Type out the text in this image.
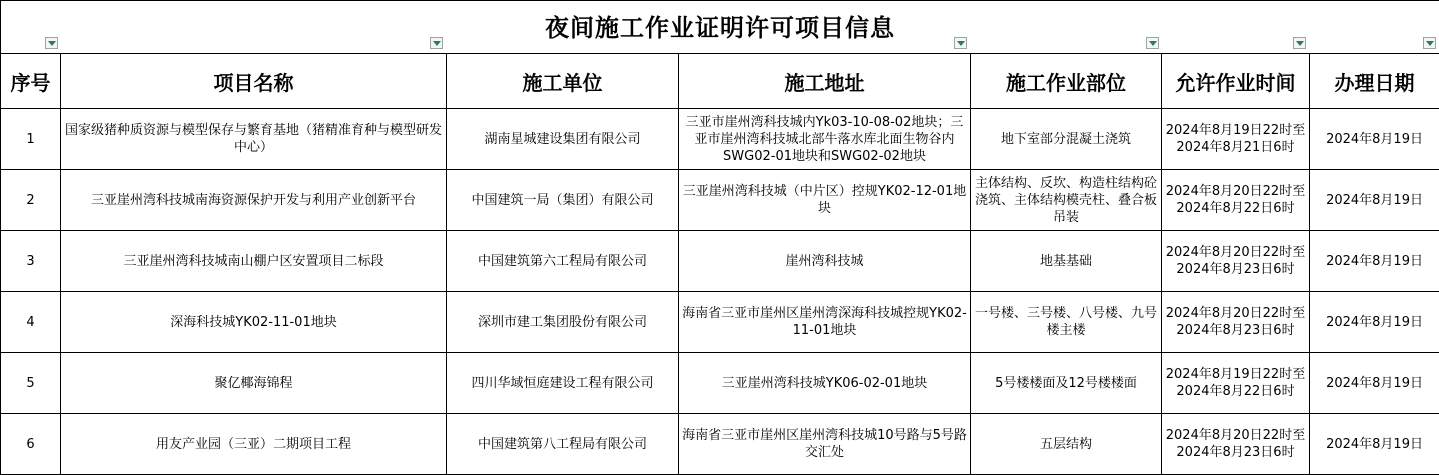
夜间施工作业证明许可项目信息						
序号	项目名称	施工单位	施工地址	施工作业部位	允许作业时间	办理日期
1	国家级猪种质资源与模型保存与繁育基地（猪精准育种与模型研发中心）	湖南星城建设集团有限公司	三亚市崖州湾科技城内Yk03-10-08-02地块；三亚市崖州湾科技城北部牛落水库北面生物谷内SWG02-01地块和SWG02-02地块	地下室部分混凝土浇筑	2024年8月19日22时至2024年8月21日6时	2024年8月19日
2	三亚崖州湾科技城南海资源保护开发与利用产业创新平台	中国建筑一局（集团）有限公司	三亚崖州湾科技城（中片区）控规YK02-12-01地块	主体结构、反坎、构造柱结构砼浇筑、主体结构模壳柱、叠合板吊装	2024年8月20日22时至2024年8月22日6时	2024年8月19日
3	三亚崖州湾科技城南山棚户区安置项目二标段	中国建筑第六工程局有限公司	崖州湾科技城	地基基础	2024年8月20日22时至2024年8月23日6时	2024年8月19日
4	深海科技城YK02-11-01地块	深圳市建工集团股份有限公司	海南省三亚市崖州区崖州湾深海科技城控规YK02-11-01地块	一号楼、三号楼、八号楼、九号楼主楼	2024年8月20日22时至2024年8月23日6时	2024年8月19日
5	聚亿椰海锦程	四川华域恒庭建设工程有限公司	三亚崖州湾科技城YK06-02-01地块	5号楼楼面及12号楼楼面	2024年8月19日22时至2024年8月22日6时	2024年8月19日
6	用友产业园（三亚）二期项目工程	中国建筑第八工程局有限公司	海南省三亚市崖州区崖州湾科技城10号路与5号路交汇处	五层结构	2024年8月20日22时至2024年8月23日6时	2024年8月19日
